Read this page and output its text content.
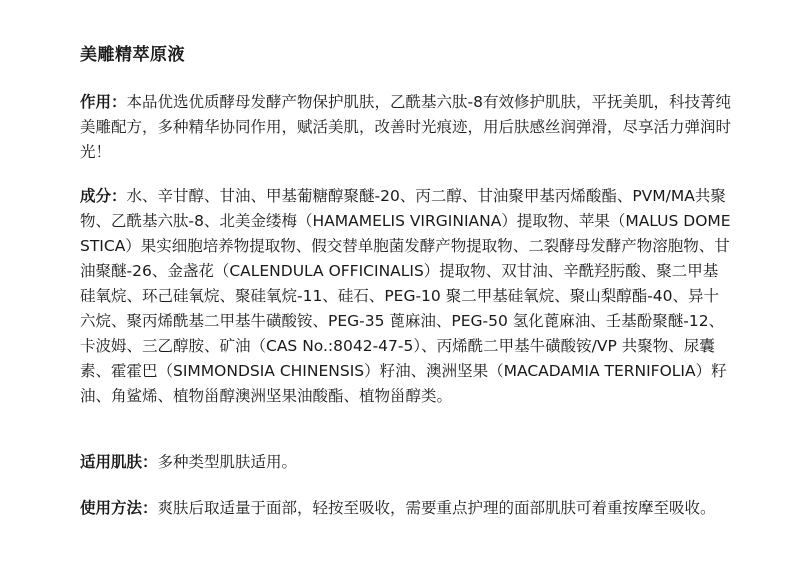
美雕精萃原液

作用：本品优选优质酵母发酵产物保护肌肤，乙酰基六肽-8有效修护肌肤，平抚美肌，科技菁纯美雕配方，多种精华协同作用，赋活美肌，改善时光痕迹，用后肤感丝润弹滑，尽享活力弹润时光！

成分：水、辛甘醇、甘油、甲基葡糖醇聚醚-20、丙二醇、甘油聚甲基丙烯酸酯、PVM/MA共聚物、乙酰基六肽-8、北美金缕梅（HAMAMELIS VIRGINIANA）提取物、苹果（MALUS DOMESTICA）果实细胞培养物提取物、假交替单胞菌发酵产物提取物、二裂酵母发酵产物溶胞物、甘油聚醚-26、金盏花（CALENDULA OFFICINALIS）提取物、双甘油、辛酰羟肟酸、聚二甲基硅氧烷、环己硅氧烷、聚硅氧烷-11、硅石、PEG-10 聚二甲基硅氧烷、聚山梨醇酯-40、异十六烷、聚丙烯酰基二甲基牛磺酸铵、PEG-35 蓖麻油、PEG-50 氢化蓖麻油、壬基酚聚醚-12、卡波姆、三乙醇胺、矿油（CAS No.:8042-47-5）、丙烯酰二甲基牛磺酸铵/VP 共聚物、尿囊素、霍霍巴（SIMMONDSIA CHINENSIS）籽油、澳洲坚果（MACADAMIA TERNIFOLIA）籽油、角鲨烯、植物甾醇澳洲坚果油酸酯、植物甾醇类。

适用肌肤：多种类型肌肤适用。

使用方法：爽肤后取适量于面部，轻按至吸收，需要重点护理的面部肌肤可着重按摩至吸收。
